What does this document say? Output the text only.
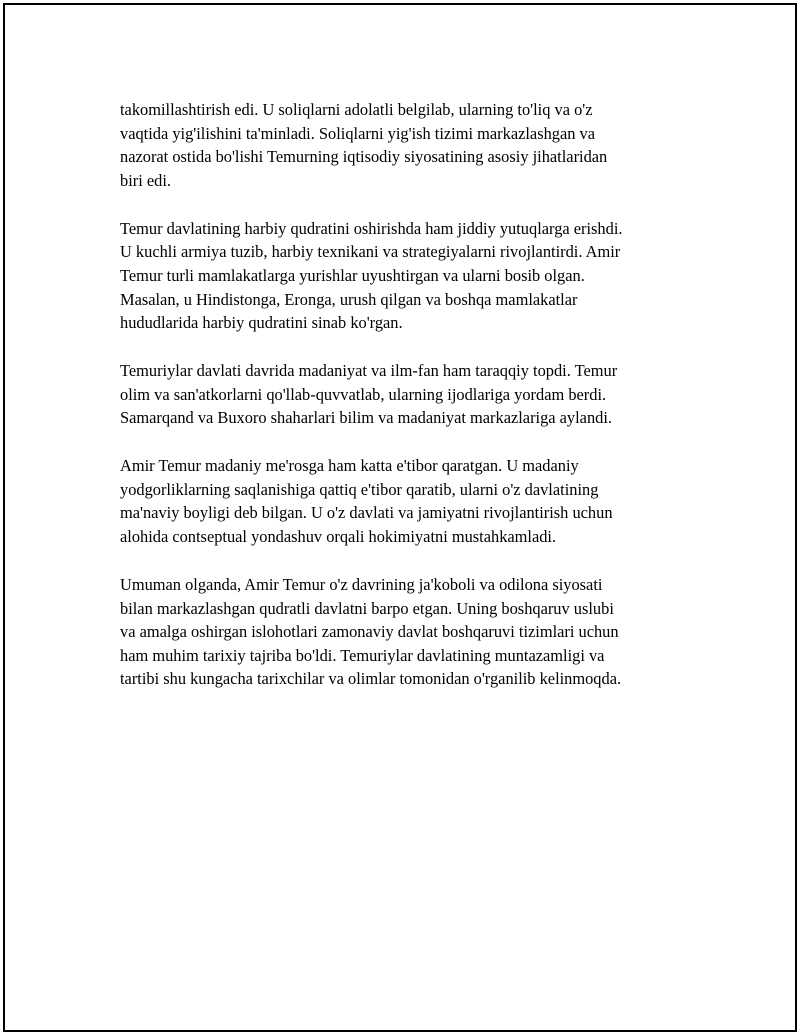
takomillashtirish edi. U soliqlarni adolatli belgilab, ularning to'liq va o'z
vaqtida yig'ilishini ta'minladi. Soliqlarni yig'ish tizimi markazlashgan va
nazorat ostida bo'lishi Temurning iqtisodiy siyosatining asosiy jihatlaridan
biri edi.

Temur davlatining harbiy qudratini oshirishda ham jiddiy yutuqlarga erishdi.
U kuchli armiya tuzib, harbiy texnikani va strategiyalarni rivojlantirdi. Amir
Temur turli mamlakatlarga yurishlar uyushtirgan va ularni bosib olgan.
Masalan, u Hindistonga, Eronga, urush qilgan va boshqa mamlakatlar
hududlarida harbiy qudratini sinab ko'rgan.

Temuriylar davlati davrida madaniyat va ilm-fan ham taraqqiy topdi. Temur
olim va san'atkorlarni qo'llab-quvvatlab, ularning ijodlariga yordam berdi.
Samarqand va Buxoro shaharlari bilim va madaniyat markazlariga aylandi.

Amir Temur madaniy me'rosga ham katta e'tibor qaratgan. U madaniy
yodgorliklarning saqlanishiga qattiq e'tibor qaratib, ularni o'z davlatining
ma'naviy boyligi deb bilgan. U o'z davlati va jamiyatni rivojlantirish uchun
alohida contseptual yondashuv orqali hokimiyatni mustahkamladi.

Umuman olganda, Amir Temur o'z davrining ja'koboli va odilona siyosati
bilan markazlashgan qudratli davlatni barpo etgan. Uning boshqaruv uslubi
va amalga oshirgan islohotlari zamonaviy davlat boshqaruvi tizimlari uchun
ham muhim tarixiy tajriba bo'ldi. Temuriylar davlatining muntazamligi va
tartibi shu kungacha tarixchilar va olimlar tomonidan o'rganilib kelinmoqda.
